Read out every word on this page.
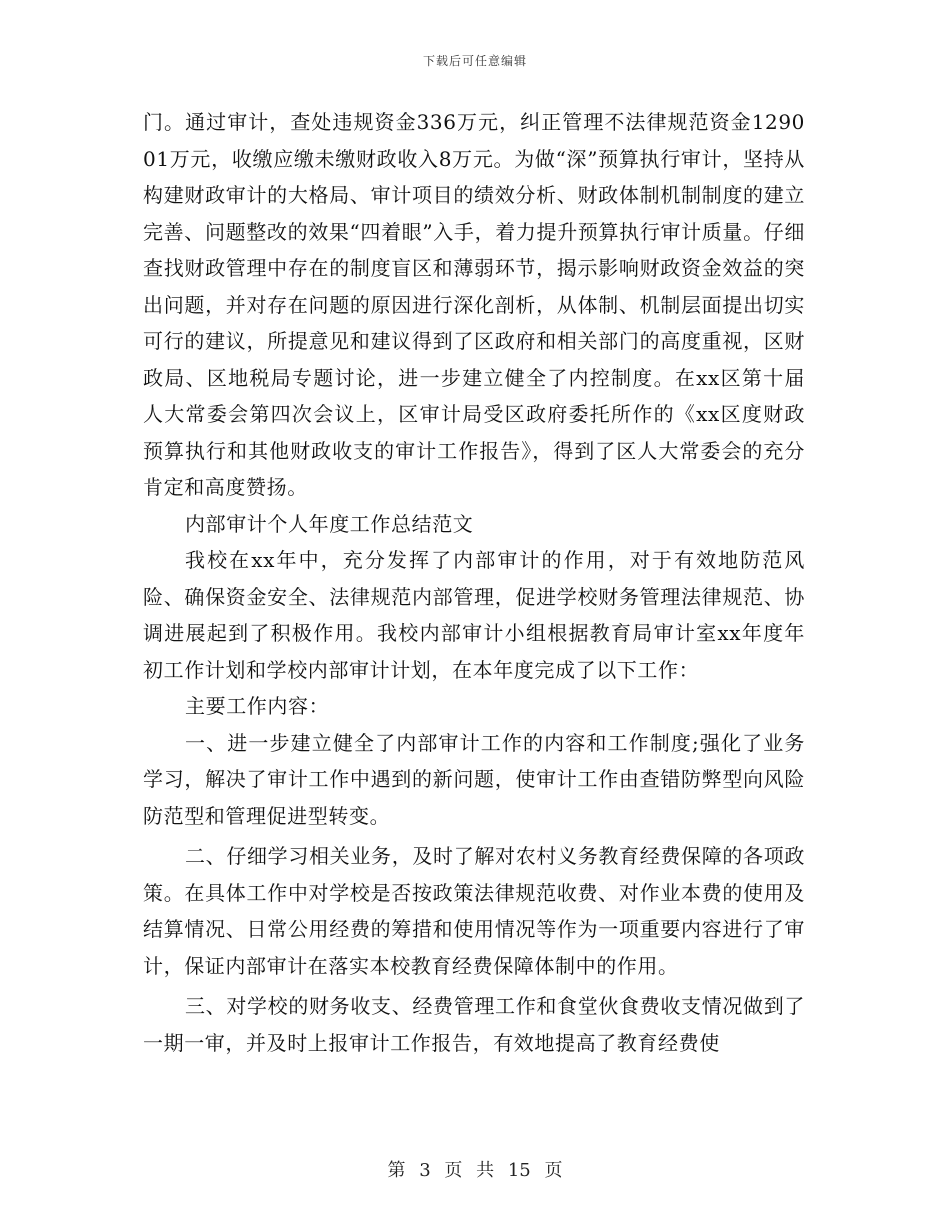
下载后可任意编辑

门。通过审计，查处违规资金336万元，纠正管理不法律规范资金129001万元，收缴应缴未缴财政收入8万元。为做“深”预算执行审计，坚持从构建财政审计的大格局、审计项目的绩效分析、财政体制机制制度的建立完善、问题整改的效果“四着眼”入手，着力提升预算执行审计质量。仔细查找财政管理中存在的制度盲区和薄弱环节，揭示影响财政资金效益的突出问题，并对存在问题的原因进行深化剖析，从体制、机制层面提出切实可行的建议，所提意见和建议得到了区政府和相关部门的高度重视，区财政局、区地税局专题讨论，进一步建立健全了内控制度。在xx区第十届人大常委会第四次会议上，区审计局受区政府委托所作的《xx区度财政预算执行和其他财政收支的审计工作报告》，得到了区人大常委会的充分肯定和高度赞扬。

内部审计个人年度工作总结范文

我校在xx年中，充分发挥了内部审计的作用，对于有效地防范风险、确保资金安全、法律规范内部管理，促进学校财务管理法律规范、协调进展起到了积极作用。我校内部审计小组根据教育局审计室xx年度年初工作计划和学校内部审计计划，在本年度完成了以下工作：

主要工作内容：

一、进一步建立健全了内部审计工作的内容和工作制度;强化了业务学习，解决了审计工作中遇到的新问题，使审计工作由查错防弊型向风险防范型和管理促进型转变。

二、仔细学习相关业务，及时了解对农村义务教育经费保障的各项政策。在具体工作中对学校是否按政策法律规范收费、对作业本费的使用及结算情况、日常公用经费的筹措和使用情况等作为一项重要内容进行了审计，保证内部审计在落实本校教育经费保障体制中的作用。

三、对学校的财务收支、经费管理工作和食堂伙食费收支情况做到了一期一审，并及时上报审计工作报告，有效地提高了教育经费使

第 3 页 共 15 页
